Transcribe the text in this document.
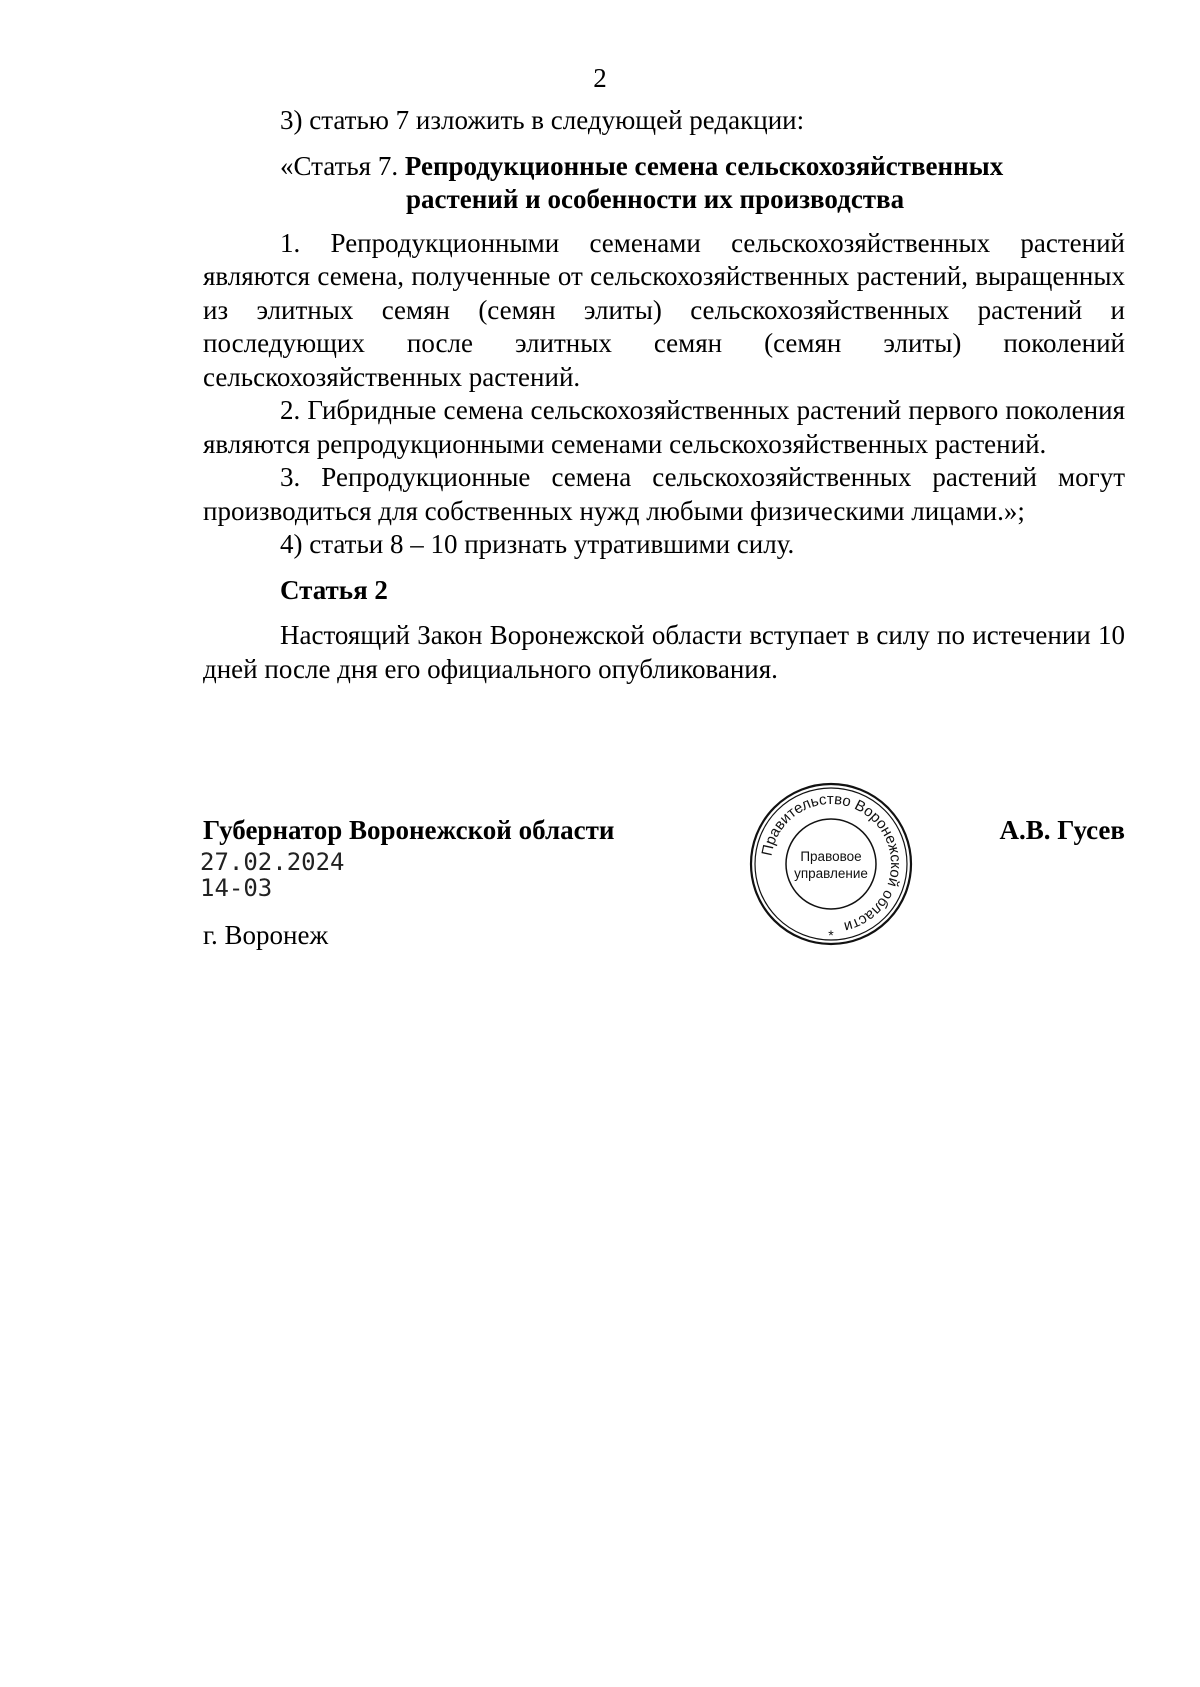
2

3) статью 7 изложить в следующей редакции:

«Статья 7. Репродукционные семена сельскохозяйственных
растений и особенности их производства

1. Репродукционными семенами сельскохозяйственных растений являются семена, полученные от сельскохозяйственных растений, выращенных из элитных семян (семян элиты) сельскохозяйственных растений и последующих после элитных семян (семян элиты) поколений сельскохозяйственных растений.

2. Гибридные семена сельскохозяйственных растений первого поколения являются репродукционными семенами сельскохозяйственных растений.

3. Репродукционные семена сельскохозяйственных растений могут производиться для собственных нужд любыми физическими лицами.»;

4) статьи 8 – 10 признать утратившими силу.

Статья 2

Настоящий Закон Воронежской области вступает в силу по истечении 10 дней после дня его официального опубликования.

Губернатор Воронежской области
27.02.2024
14-03
г. Воронеж
Правительство Воронежской области
Правовое
управление
*
А.В. Гусев
